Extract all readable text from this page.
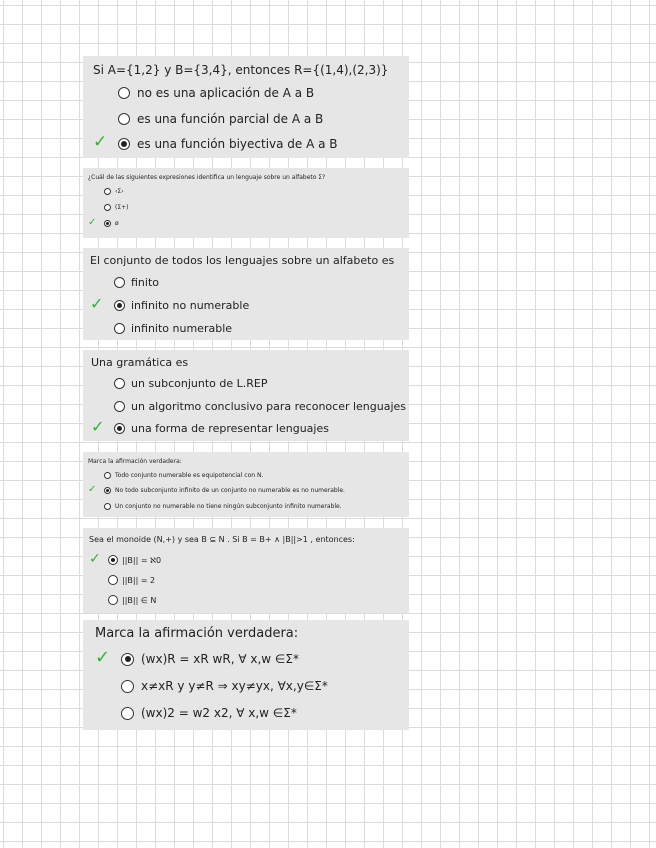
Si A={1,2} y B={3,4}, entonces R={(1,4),(2,3)}
no es una aplicación de A a B
es una función parcial de A a B
✓ es una función biyectiva de A a B
¿Cuál de las siguientes expresiones identifica un lenguaje sobre un alfabeto Σ?
‹Σ›
(Σ+)
✓	ø
El conjunto de todos los lenguajes sobre un alfabeto es
finito
✓	infinito no numerable
infinito numerable
Una gramática es
un subconjunto de L.REP
un algoritmo conclusivo para reconocer lenguajes
✓ una forma de representar lenguajes
Marca la afirmación verdadera:
Todo conjunto numerable es equipotencial con N.
✓	No todo subconjunto infinito de un conjunto no numerable es no numerable.
Un conjunto no numerable no tiene ningún subconjunto infinito numerable.
Sea el monoide (N,+) y sea B ⊆ N . Si B = B+ ∧ |B||>1 , entonces:
✓	||B|| = ℵ0
||B|| = 2
||B|| ∈ N
Marca la afirmación verdadera:
✓	(wx)R = xR wR, ∀ x,w ∈Σ*
x≠xR y y≠R ⇒ xy≠yx, ∀x,y∈Σ*
(wx)2 = w2 x2, ∀ x,w ∈Σ*
